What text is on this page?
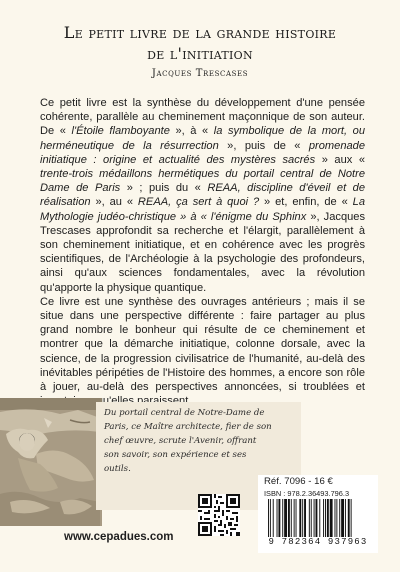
Le petit livre de la grande histoire
de l'initiation
Jacques Trescases

Ce petit livre est la synthèse du développement d'une pensée cohérente, parallèle au cheminement maçonnique de son auteur. De « l'Étoile flamboyante », à « la symbolique de la mort, ou herméneutique de la résurrection », puis de « promenade initiatique : origine et actualité des mystères sacrés » aux « trente-trois médaillons hermétiques du portail central de Notre Dame de Paris » ; puis du « REAA, discipline d'éveil et de réalisation », au « REAA, ça sert à quoi ? » et, enfin, de « La Mythologie judéo-christique » à « l'énigme du Sphinx », Jacques Trescases approfondit sa recherche et l'élargit, parallèlement à son cheminement initiatique, et en cohérence avec les progrès scientifiques, de l'Archéologie à la psychologie des profondeurs, ainsi qu'aux sciences fondamentales, avec la révolution qu'apporte la physique quantique.

Ce livre est une synthèse des ouvrages antérieurs ; mais il se situe dans une perspective différente : faire partager au plus grand nombre le bonheur qui résulte de ce cheminement et montrer que la démarche initiatique, colonne dorsale, avec la science, de la progression civilisatrice de l'humanité, au-delà des inévitables péripéties de l'Histoire des hommes, a encore son rôle à jouer, au-delà des perspectives annoncées, si troublées et

Du portail central de Notre-Dame de Paris, ce Maître architecte, fier de son chef œuvre, scrute l'Avenir, offrant son savoir, son expérience et ses outils.
Réf. 7096 - 16 €
ISBN : 978.2.36493.796.3
9 782364 937963
www.cepadues.com
